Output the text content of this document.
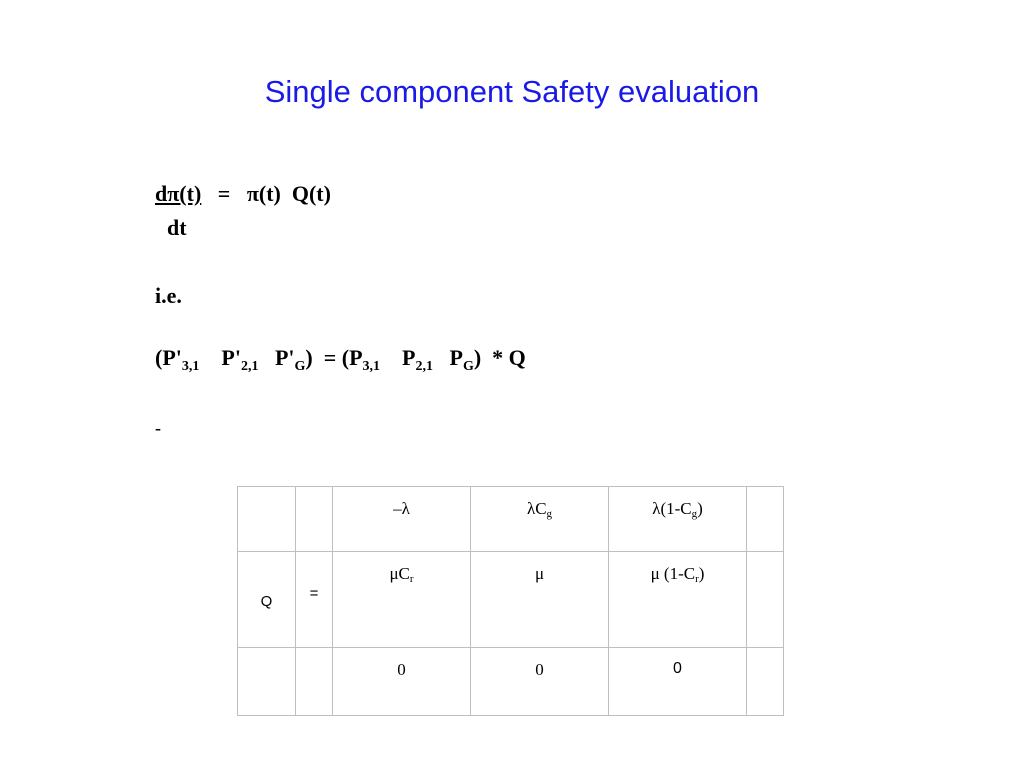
Single component Safety evaluation
dπ(t) = π(t)  Q(t)
dt
i.e.
($P'_{3,1}$ $P'_{2,1}$ $P'_G) = (P_{3,1}$ $P_{2,1}$ $P_G$)  * Q
-

		–λ	$\lambda C_g$	$\lambda(1-C_g)$	

Q	=	$\mu C_r$	μ	μ $(1-C_r)$	

		0	0	0	
